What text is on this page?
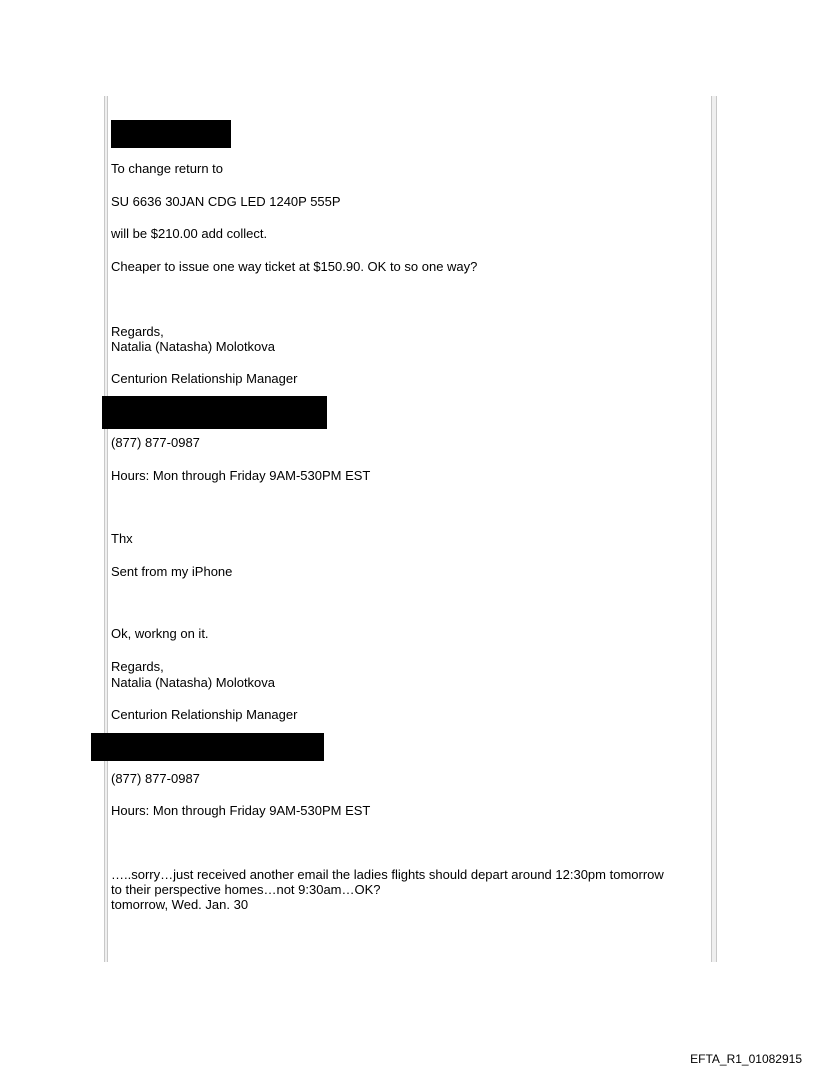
To change return to
SU 6636 30JAN CDG LED 1240P 555P
will be $210.00 add collect.
Cheaper to issue one way ticket at $150.90. OK to so one way?
Regards,
Natalia (Natasha) Molotkova
Centurion Relationship Manager
(877) 877-0987
Hours: Mon through Friday 9AM-530PM EST
Thx
Sent from my iPhone
Ok, workng on it.
Regards,
Natalia (Natasha) Molotkova
Centurion Relationship Manager
(877) 877-0987
Hours: Mon through Friday 9AM-530PM EST
…..sorry…just received another email the ladies flights should depart around 12:30pm tomorrow
to their perspective homes…not 9:30am…OK?
tomorrow, Wed. Jan. 30
EFTA_R1_01082915
